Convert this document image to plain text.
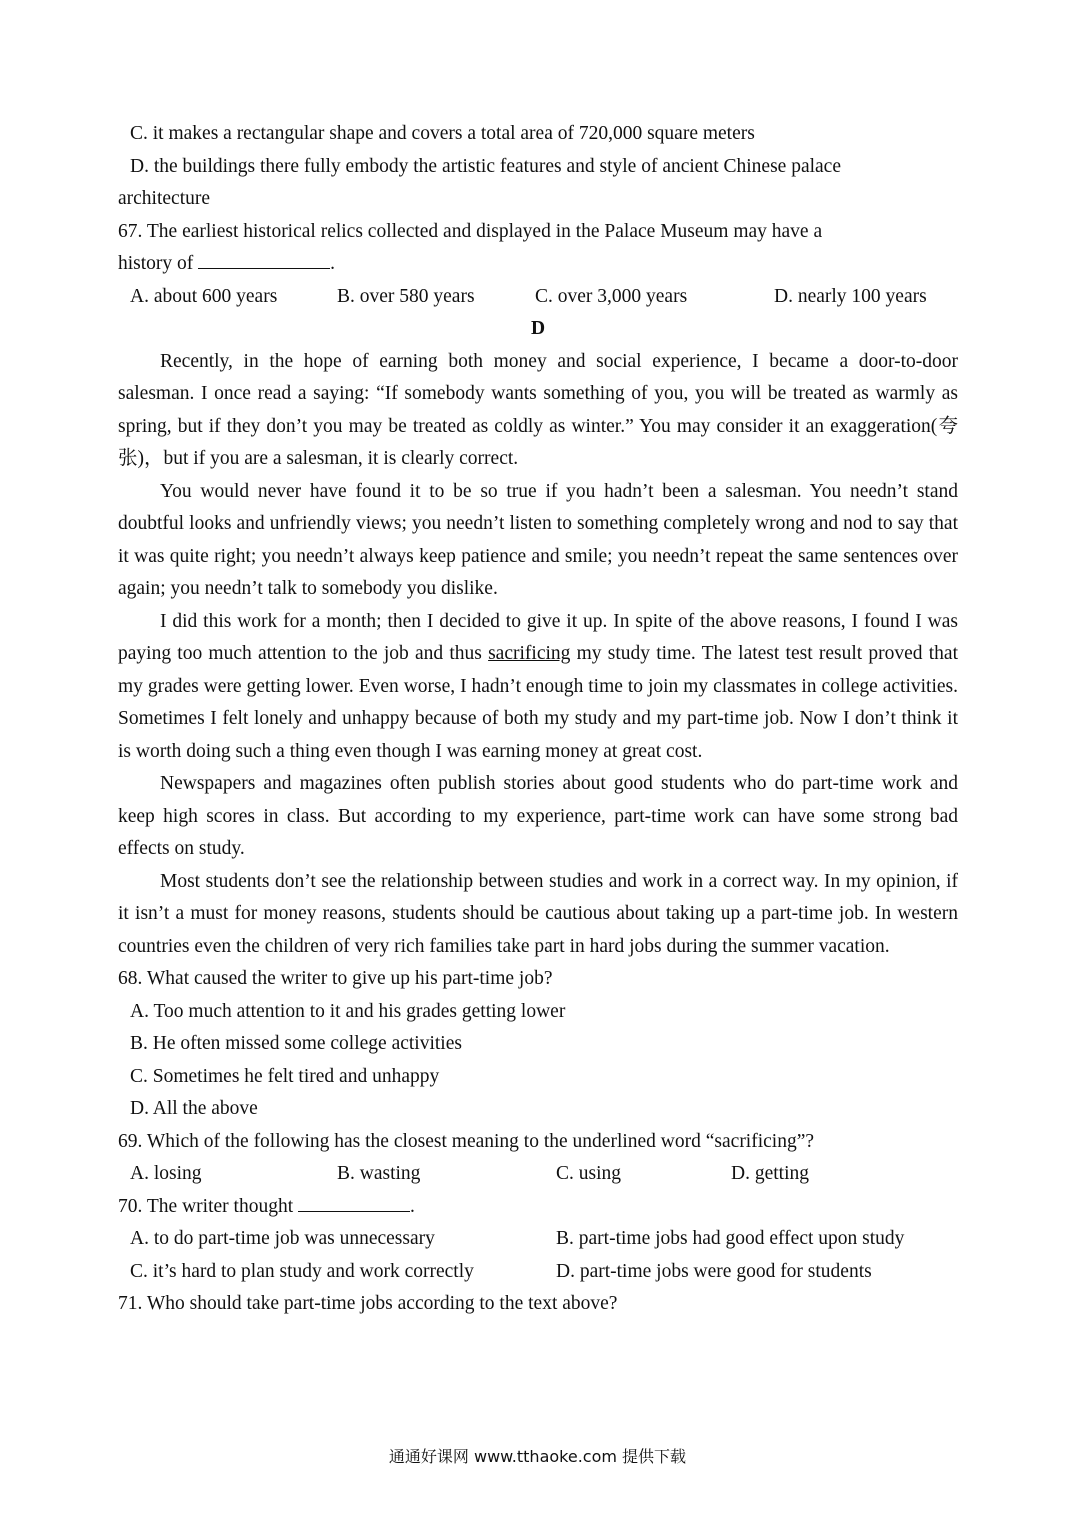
C. it makes a rectangular shape and covers a total area of 720,000 square meters
D. the buildings there fully embody the artistic features and style of ancient Chinese palace
architecture
67. The earliest historical relics collected and displayed in the Palace Museum may have a
history of	.
A. about 600 years	B. over 580 years	C. over 3,000 years	D. nearly 100 years
D

Recently, in the hope of earning both money and social experience, I became a door-to-door salesman. I once read a saying: “If somebody wants something of you, you will be treated as warmly as spring, but if they don’t you may be treated as coldly as winter.” You may consider it an exaggeration(夸张)，but if you are a salesman, it is clearly correct.

You would never have found it to be so true if you hadn’t been a salesman. You needn’t stand doubtful looks and unfriendly views; you needn’t listen to something completely wrong and nod to say that it was quite right; you needn’t always keep patience and smile; you needn’t repeat the same sentences over again; you needn’t talk to somebody you dislike.

I did this work for a month; then I decided to give it up. In spite of the above reasons, I found I was paying too much attention to the job and thus sacrificing my study time. The latest test result proved that my grades were getting lower. Even worse, I hadn’t enough time to join my classmates in college activities. Sometimes I felt lonely and unhappy because of both my study and my part-time job. Now I don’t think it is worth doing such a thing even though I was earning money at great cost.

Newspapers and magazines often publish stories about good students who do part-time work and keep high scores in class. But according to my experience, part-time work can have some strong bad effects on study.

Most students don’t see the relationship between studies and work in a correct way. In my opinion, if it isn’t a must for money reasons, students should be cautious about taking up a part-time job. In western countries even the children of very rich families take part in hard jobs during the summer vacation.

68. What caused the writer to give up his part-time job?
A. Too much attention to it and his grades getting lower
B. He often missed some college activities
C. Sometimes he felt tired and unhappy
D. All the above
69. Which of the following has the closest meaning to the underlined word “sacrificing”?
A. losing	B. wasting	C. using	D. getting
70. The writer thought	.
A. to do part-time job was unnecessary	B. part-time jobs had good effect upon study
C. it’s hard to plan study and work correctly	D. part-time jobs were good for students
71. Who should take part-time jobs according to the text above?
通通好课网 www.tthaoke.com 提供下载
